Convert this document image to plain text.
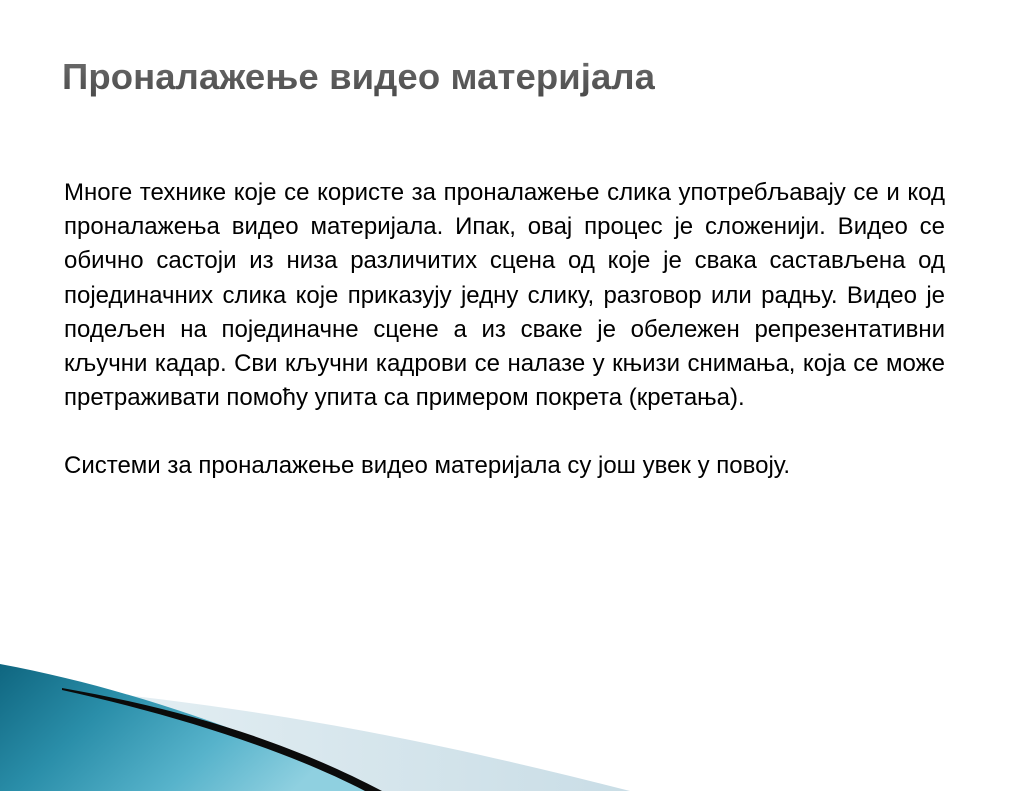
Проналажење видео материјала

Многе технике које се користе за проналажење слика употребљавају се и код проналажења видео материјала. Ипак, овај процес је сложенији. Видео се обично састоји из низа различитих сцена од које је свака састављена од појединачних слика које приказују једну слику, разговор или радњу. Видео је подељен на појединачне сцене а из сваке је обележен репрезентативни кључни кадар. Сви кључни кадрови се налазе у књизи снимања, која се може претраживати помоћу упита са примером покрета (кретања).

Системи за проналажење видео материјала су још увек у повоју.
